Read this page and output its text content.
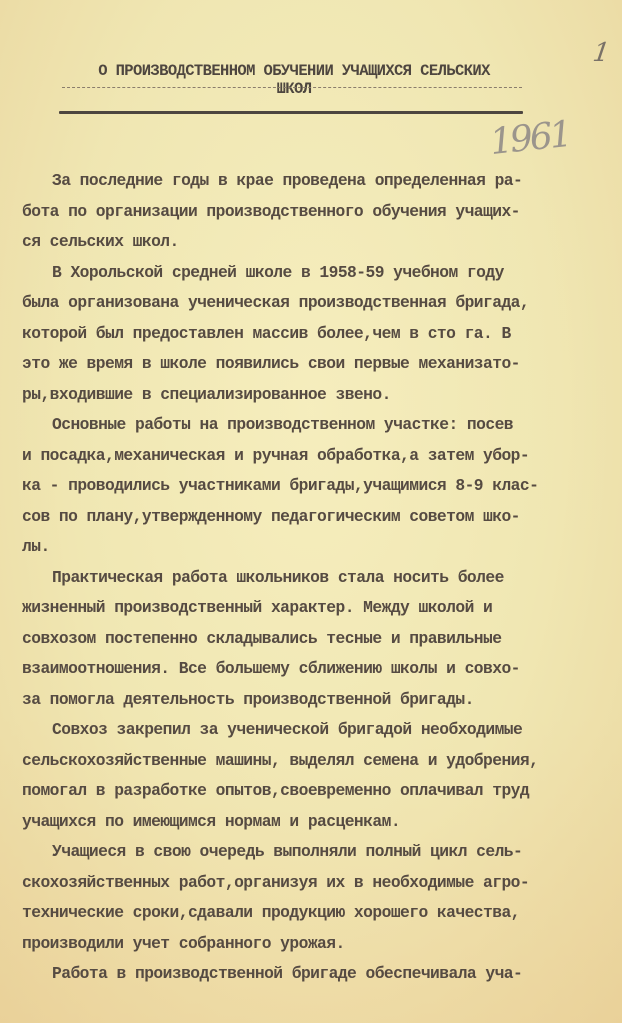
1
О ПРОИЗВОДСТВЕННОМ ОБУЧЕНИИ УЧАЩИХСЯ СЕЛЬСКИХ
ШКОЛ
1961
За последние годы в крае проведена определенная ра-
бота по организации производственного обучения учащих-
ся сельских школ.
В Хорольской средней школе в 1958-59 учебном году
была организована ученическая производственная бригада,
которой был предоставлен массив более,чем в сто га. В
это же время в школе появились свои первые механизато-
ры,входившие в специализированное звено.
Основные работы на производственном участке: посев
и посадка,механическая и ручная обработка,а затем убор-
ка - проводились участниками бригады,учащимися 8-9 клас-
сов по плану,утвержденному педагогическим советом шко-
лы.
Практическая работа школьников стала носить более
жизненный производственный характер. Между школой и
совхозом постепенно складывались тесные и правильные
взаимоотношения. Все большему сближению школы и совхо-
за помогла деятельность производственной бригады.
Совхоз закрепил за ученической бригадой необходимые
сельскохозяйственные машины, выделял семена и удобрения,
помогал в разработке опытов,своевременно оплачивал труд
учащихся по имеющимся нормам и расценкам.
Учащиеся в свою очередь выполняли полный цикл сель-
скохозяйственных работ,организуя их в необходимые агро-
технические сроки,сдавали продукцию хорошего качества,
производили учет собранного урожая.
Работа в производственной бригаде обеспечивала уча-
